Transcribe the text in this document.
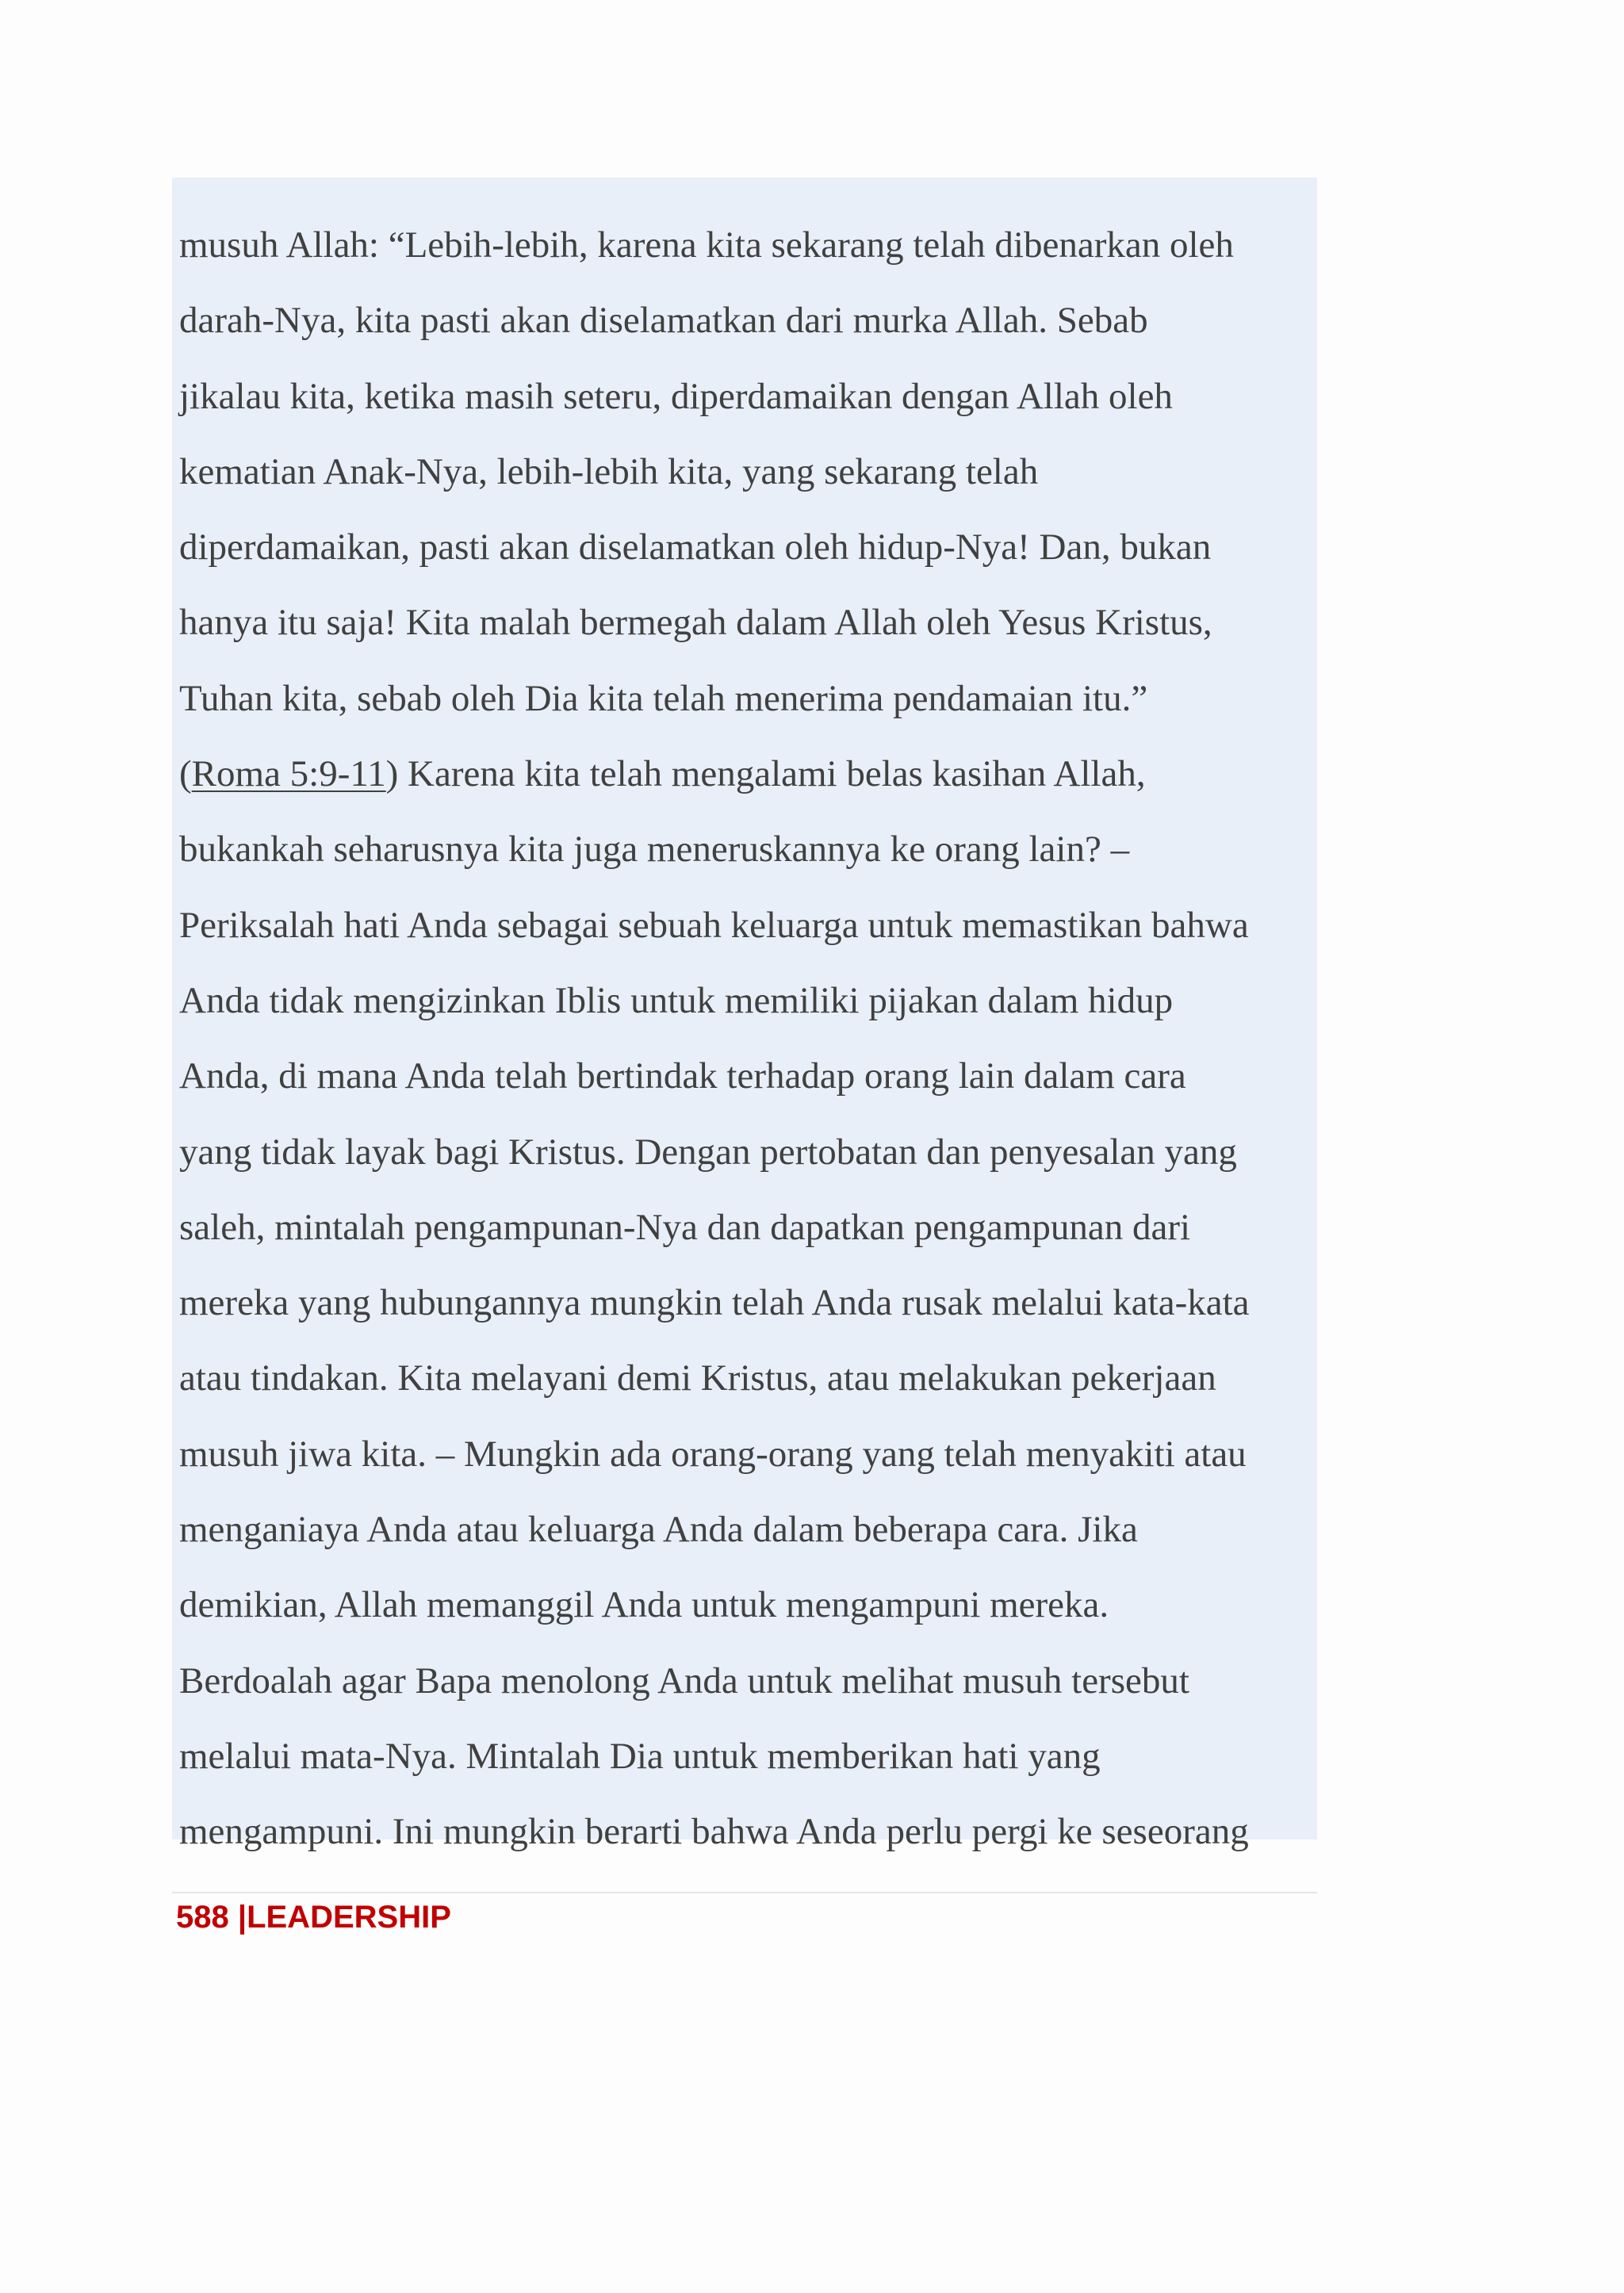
musuh Allah: “Lebih-lebih, karena kita sekarang telah dibenarkan oleh
darah-Nya, kita pasti akan diselamatkan dari murka Allah. Sebab
jikalau kita, ketika masih seteru, diperdamaikan dengan Allah oleh
kematian Anak-Nya, lebih-lebih kita, yang sekarang telah
diperdamaikan, pasti akan diselamatkan oleh hidup-Nya! Dan, bukan
hanya itu saja! Kita malah bermegah dalam Allah oleh Yesus Kristus,
Tuhan kita, sebab oleh Dia kita telah menerima pendamaian itu.”
(Roma 5:9-11) Karena kita telah mengalami belas kasihan Allah,
bukankah seharusnya kita juga meneruskannya ke orang lain? –
Periksalah hati Anda sebagai sebuah keluarga untuk memastikan bahwa
Anda tidak mengizinkan Iblis untuk memiliki pijakan dalam hidup
Anda, di mana Anda telah bertindak terhadap orang lain dalam cara
yang tidak layak bagi Kristus. Dengan pertobatan dan penyesalan yang
saleh, mintalah pengampunan-Nya dan dapatkan pengampunan dari
mereka yang hubungannya mungkin telah Anda rusak melalui kata-kata
atau tindakan. Kita melayani demi Kristus, atau melakukan pekerjaan
musuh jiwa kita. – Mungkin ada orang-orang yang telah menyakiti atau
menganiaya Anda atau keluarga Anda dalam beberapa cara. Jika
demikian, Allah memanggil Anda untuk mengampuni mereka.
Berdoalah agar Bapa menolong Anda untuk melihat musuh tersebut
melalui mata-Nya. Mintalah Dia untuk memberikan hati yang
mengampuni. Ini mungkin berarti bahwa Anda perlu pergi ke seseorang
588 |LEADERSHIP
